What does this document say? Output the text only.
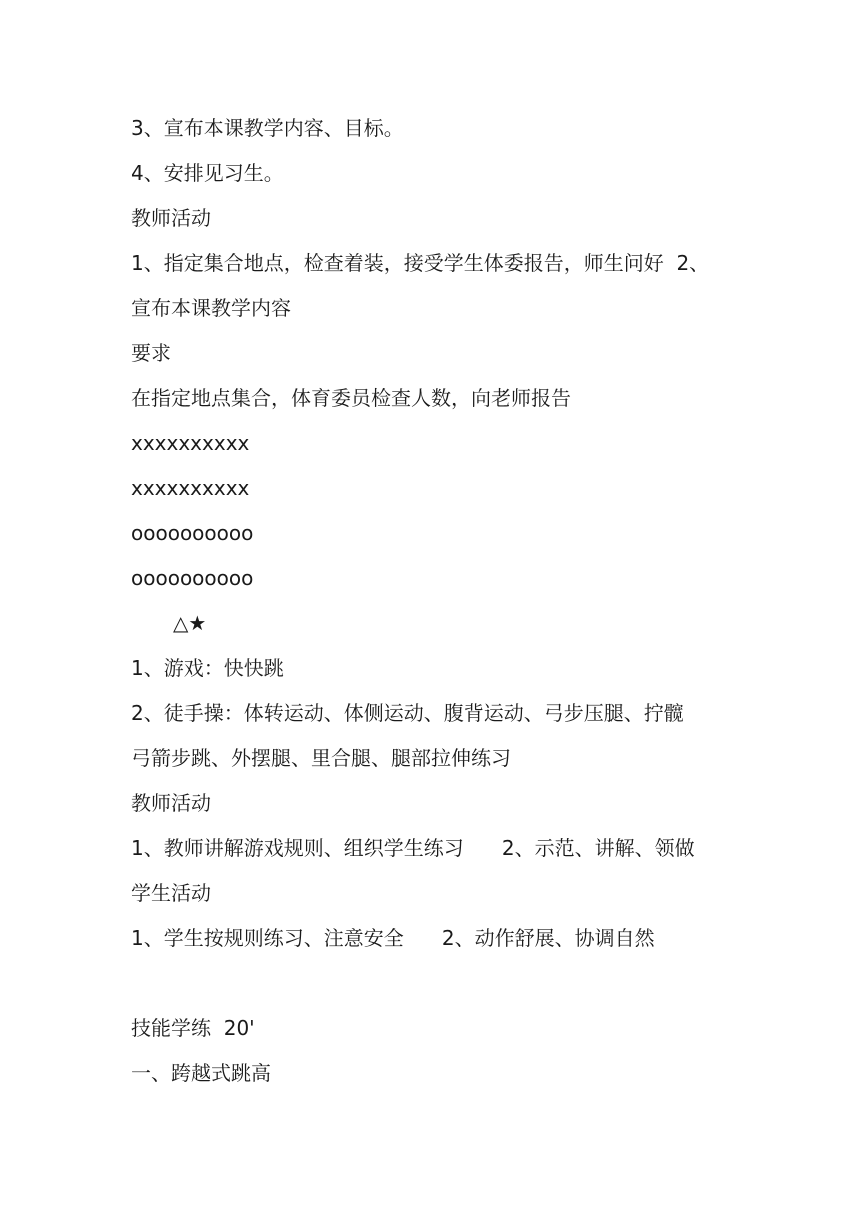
3、宣布本课教学内容、目标。
4、安排见习生。
教师活动
1、指定集合地点，检查着装，接受学生体委报告，师生问好  2、
宣布本课教学内容
要求
在指定地点集合，体育委员检查人数，向老师报告
xxxxxxxxxx
xxxxxxxxxx
oooooooooo
oooooooooo
△★
1、游戏：快快跳
2、徒手操：体转运动、体侧运动、腹背运动、弓步压腿、拧髋
弓箭步跳、外摆腿、里合腿、腿部拉伸练习
教师活动
1、教师讲解游戏规则、组织学生练习      2、示范、讲解、领做
学生活动
1、学生按规则练习、注意安全      2、动作舒展、协调自然
技能学练  20'
一、跨越式跳高
